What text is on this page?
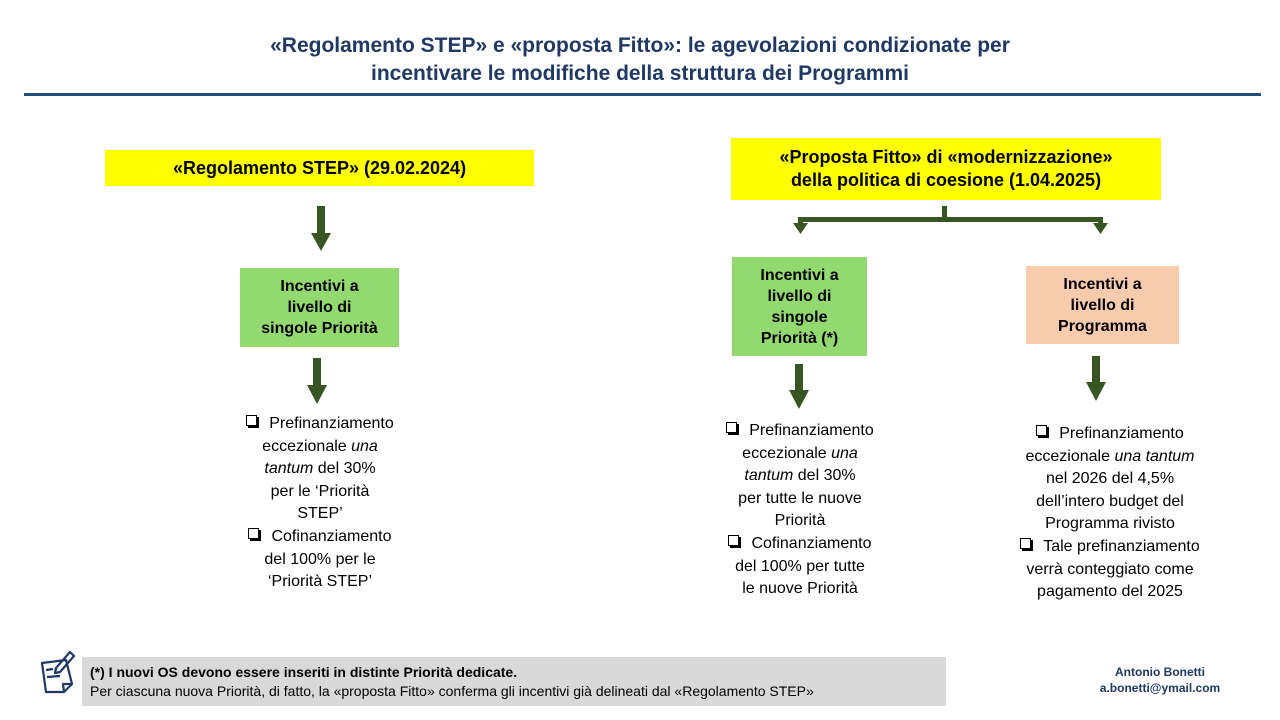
«Regolamento STEP» e «proposta Fitto»: le agevolazioni condizionate per
incentivare le modifiche della struttura dei Programmi
«Regolamento STEP» (29.02.2024)
Incentivi a
livello di
singole Priorità
Prefinanziamento
eccezionale una
tantum del 30%
per le ‘Priorità
STEP’
Cofinanziamento
del 100% per le
‘Priorità STEP’
«Proposta Fitto» di «modernizzazione»
della politica di coesione (1.04.2025)
Incentivi a
livello di
singole
Priorità (*)
Incentivi a
livello di
Programma
Prefinanziamento
eccezionale una
tantum del 30%
per tutte le nuove
Priorità
Cofinanziamento
del 100% per tutte
le nuove Priorità
Prefinanziamento
eccezionale una tantum
nel 2026 del 4,5%
dell’intero budget del
Programma rivisto
Tale prefinanziamento
verrà conteggiato come
pagamento del 2025
(*) I nuovi OS devono essere inseriti in distinte Priorità dedicate.
Per ciascuna nuova Priorità, di fatto, la «proposta Fitto» conferma gli incentivi già delineati dal «Regolamento STEP»
Antonio Bonetti
a.bonetti@ymail.com
